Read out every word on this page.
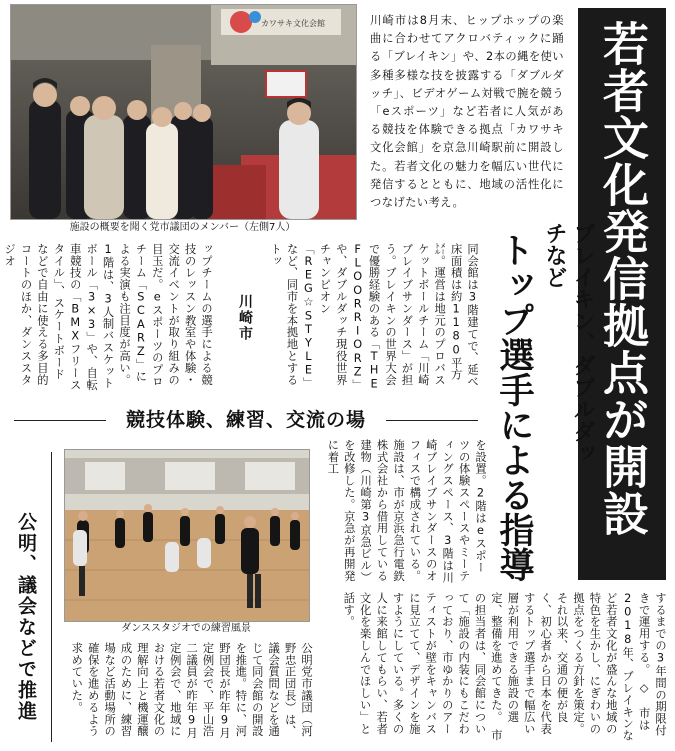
カワサキ文化会館
施設の概要を聞く党市議団のメンバー（左側7人）
川崎市は8月末、ヒップホップの楽曲に合わせてアクロバティックに踊る「ブレイキン」や、2本の縄を使い多種多様な技を披露する「ダブルダッチ」、ビデオゲーム対戦で腕を競う「eスポーツ」など若者に人気がある競技を体験できる拠点「カワサキ文化会館」を京急川崎駅前に開設した。若者文化の魅力を幅広い世代に発信するとともに、地域の活性化につなげたい考え。	若者文化発信拠点が開設
ブレイキン、ダブルダッチなど
トップ選手による指導
同会館は3階建てで、延べ床面積は約1180平方㍍。運営は地元のプロバスケットボールチーム「川崎ブレイブサンダース」が担う。ブレイキンの世界大会で優勝経験のある「THE FLOORRIORZ」や、ダブルダッチ現役世界チャンピオン「REG☆STYLE」など、同市を本拠地とするトッ
ップチームの選手による競技のレッスン教室や体験・交流イベントが取り組みの目玉だ。eスポーツのプロチーム「SCARZ」による実演も注目度が高い。　1階は、3人制バスケットボール「3×3」や、自転車競技の「BMXフリースタイル」、スケートボードなどで自由に使える多目的コートのほか、ダンススタジオ
川崎市
競技体験、練習、交流の場
ダンススタジオでの練習風景
公明、議会などで推進
を設置。2階はeスポーツの体験スペースやミーティングスペース、3階は川崎ブレイブサンダースのオフィスで構成されている。　施設は、市が京浜急行電鉄株式会社から借用している建物（川崎第3京急ビル）を改修した。京急が再開発に着工
するまでの3年間の期限付きで運用する。　◇　市は2018年、ブレイキンなど若者文化が盛んな地域の特色を生かし、にぎわいの拠点をつくる方針を策定。それ以来、交通の便が良く、初心者から日本を代表するトップ選手まで幅広い層が利用できる施設の選定、整備を進めてきた。　市の担当者は、同会館について「施設の内装にもこだわっており、市ゆかりのアーティストが壁をキャンバスに見立てて、デザインを施すようにしている。多くの人に来館してもらい、若者文化を楽しんでほしい」と話す。
公明党市議団（河野忠正団長）は、議会質問などを通じて同会館の開設を推進。特に、河野団長が昨年9月定例会で、平山浩二議員が昨年9月定例会で、地域における若者文化の理解向上と機運醸成のために、練習場など活動場所の確保を進めるよう求めていた。
